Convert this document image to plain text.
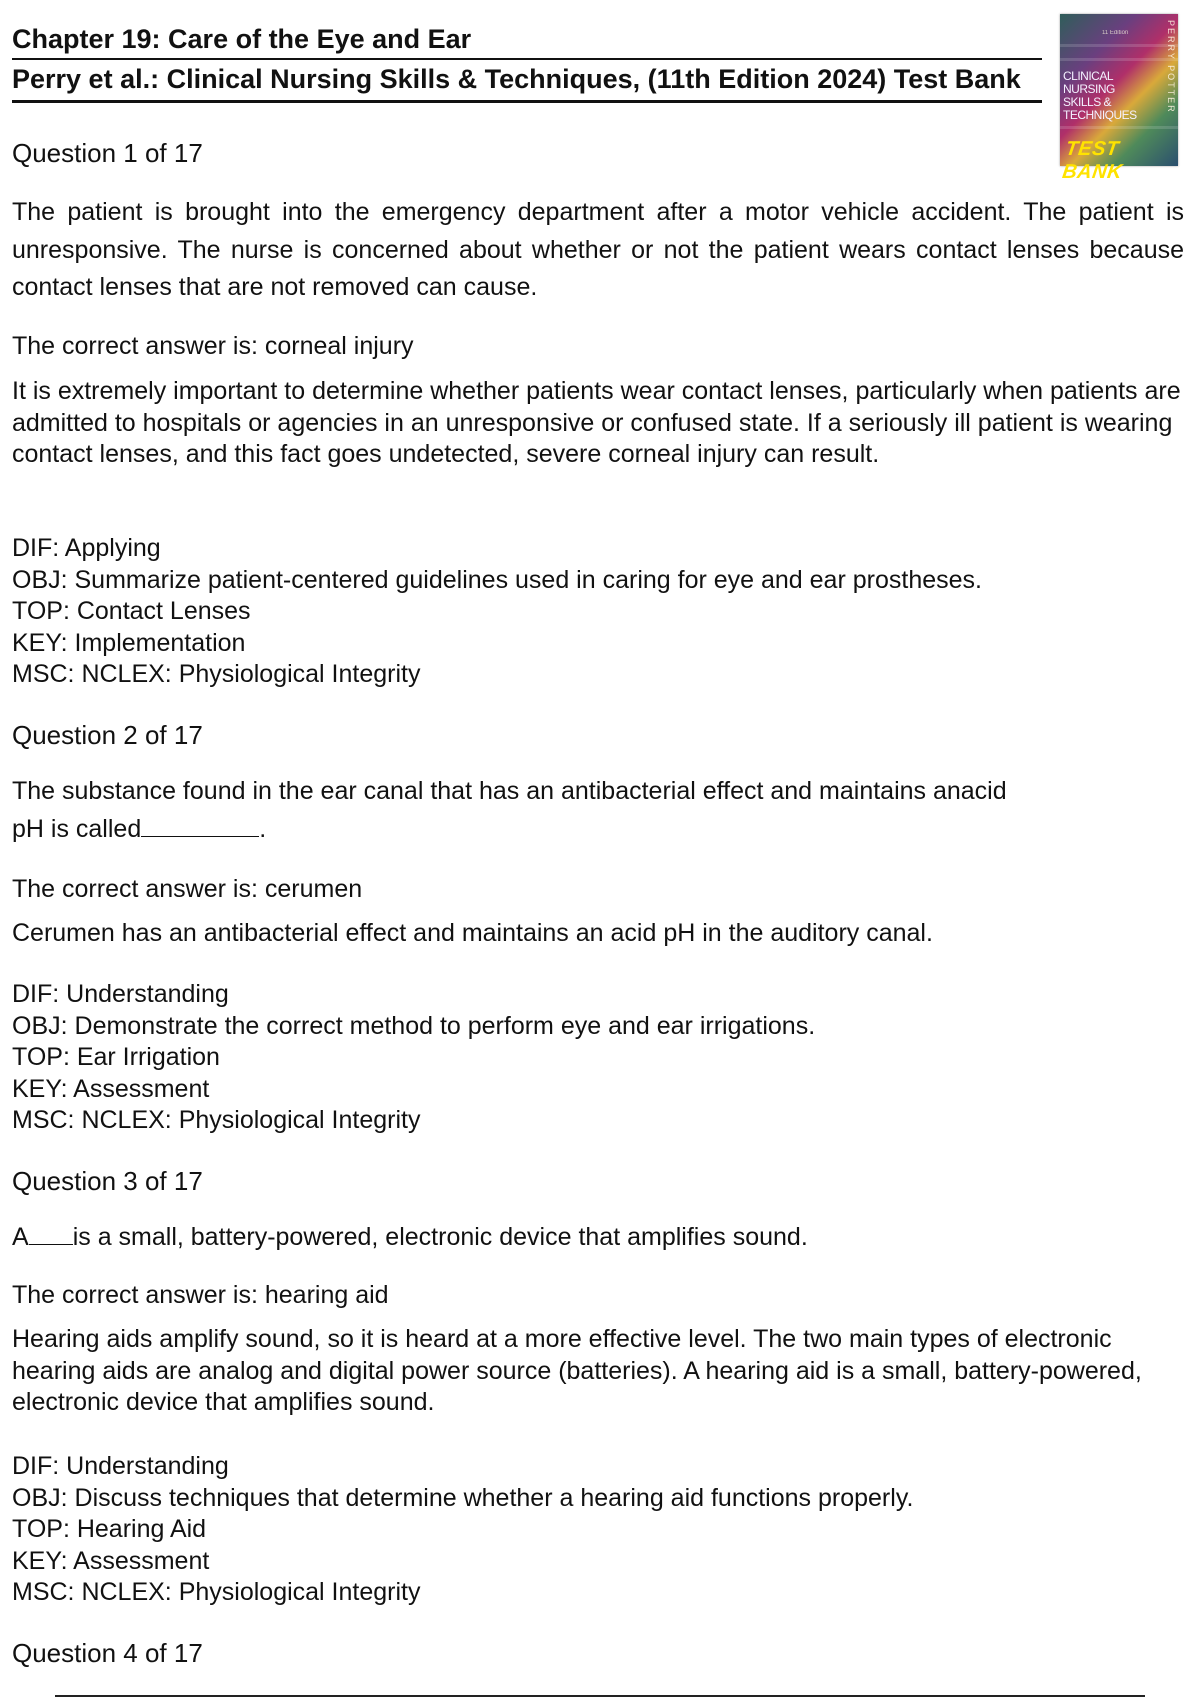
Chapter 19: Care of the Eye and Ear
Perry et al.: Clinical Nursing Skills & Techniques, (11th Edition 2024) Test Bank
11 Edition
CLINICAL
NURSING
SKILLS &
TECHNIQUES
PERRY POTTER
TEST BANK
Question 1 of 17
The patient is brought into the emergency department after a motor vehicle accident. The patient is unresponsive. The nurse is concerned about whether or not the patient wears contact lenses because contact lenses that are not removed can cause.
The correct answer is: corneal injury
It is extremely important to determine whether patients wear contact lenses, particularly when patients are admitted to hospitals or agencies in an unresponsive or confused state. If a seriously ill patient is wearing contact lenses, and this fact goes undetected, severe corneal injury can result.
DIF: Applying
OBJ: Summarize patient-centered guidelines used in caring for eye and ear prostheses.
TOP: Contact Lenses
KEY: Implementation
MSC: NCLEX: Physiological Integrity
Question 2 of 17
The substance found in the ear canal that has an antibacterial effect and maintains anacid
pH is called	.
The correct answer is: cerumen
Cerumen has an antibacterial effect and maintains an acid pH in the auditory canal.
DIF: Understanding
OBJ: Demonstrate the correct method to perform eye and ear irrigations.
TOP: Ear Irrigation
KEY: Assessment
MSC: NCLEX: Physiological Integrity
Question 3 of 17
A is a small, battery-powered, electronic device that amplifies sound.
The correct answer is: hearing aid
Hearing aids amplify sound, so it is heard at a more effective level. The two main types of electronic hearing aids are analog and digital power source (batteries). A hearing aid is a small, battery-powered, electronic device that amplifies sound.
DIF: Understanding
OBJ: Discuss techniques that determine whether a hearing aid functions properly.
TOP: Hearing Aid
KEY: Assessment
MSC: NCLEX: Physiological Integrity
Question 4 of 17
